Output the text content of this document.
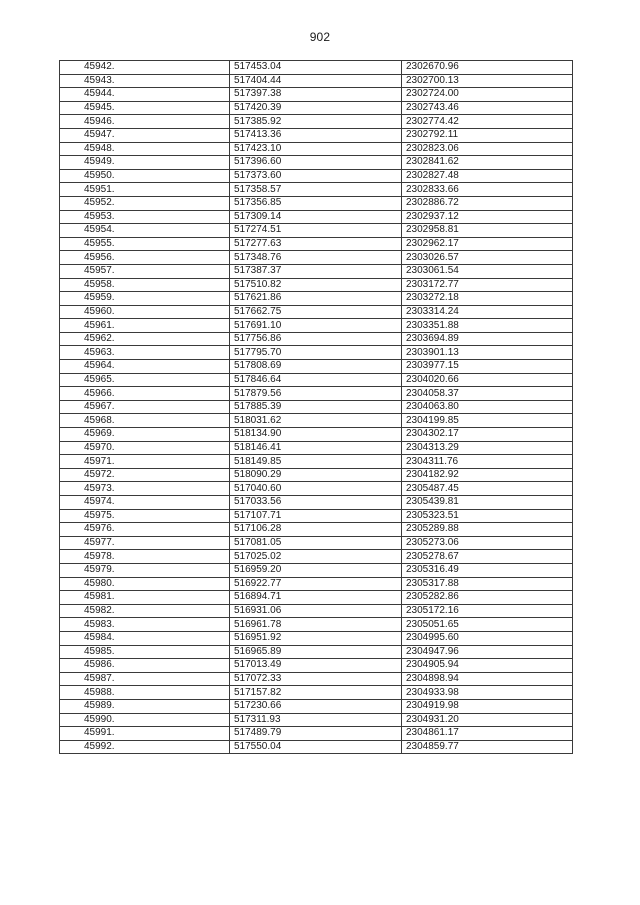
902
45942.	517453.04	2302670.96
45943.	517404.44	2302700.13
45944.	517397.38	2302724.00
45945.	517420.39	2302743.46
45946.	517385.92	2302774.42
45947.	517413.36	2302792.11
45948.	517423.10	2302823.06
45949.	517396.60	2302841.62
45950.	517373.60	2302827.48
45951.	517358.57	2302833.66
45952.	517356.85	2302886.72
45953.	517309.14	2302937.12
45954.	517274.51	2302958.81
45955.	517277.63	2302962.17
45956.	517348.76	2303026.57
45957.	517387.37	2303061.54
45958.	517510.82	2303172.77
45959.	517621.86	2303272.18
45960.	517662.75	2303314.24
45961.	517691.10	2303351.88
45962.	517756.86	2303694.89
45963.	517795.70	2303901.13
45964.	517808.69	2303977.15
45965.	517846.64	2304020.66
45966.	517879.56	2304058.37
45967.	517885.39	2304063.80
45968.	518031.62	2304199.85
45969.	518134.90	2304302.17
45970.	518146.41	2304313.29
45971.	518149.85	2304311.76
45972.	518090.29	2304182.92
45973.	517040.60	2305487.45
45974.	517033.56	2305439.81
45975.	517107.71	2305323.51
45976.	517106.28	2305289.88
45977.	517081.05	2305273.06
45978.	517025.02	2305278.67
45979.	516959.20	2305316.49
45980.	516922.77	2305317.88
45981.	516894.71	2305282.86
45982.	516931.06	2305172.16
45983.	516961.78	2305051.65
45984.	516951.92	2304995.60
45985.	516965.89	2304947.96
45986.	517013.49	2304905.94
45987.	517072.33	2304898.94
45988.	517157.82	2304933.98
45989.	517230.66	2304919.98
45990.	517311.93	2304931.20
45991.	517489.79	2304861.17
45992.	517550.04	2304859.77
